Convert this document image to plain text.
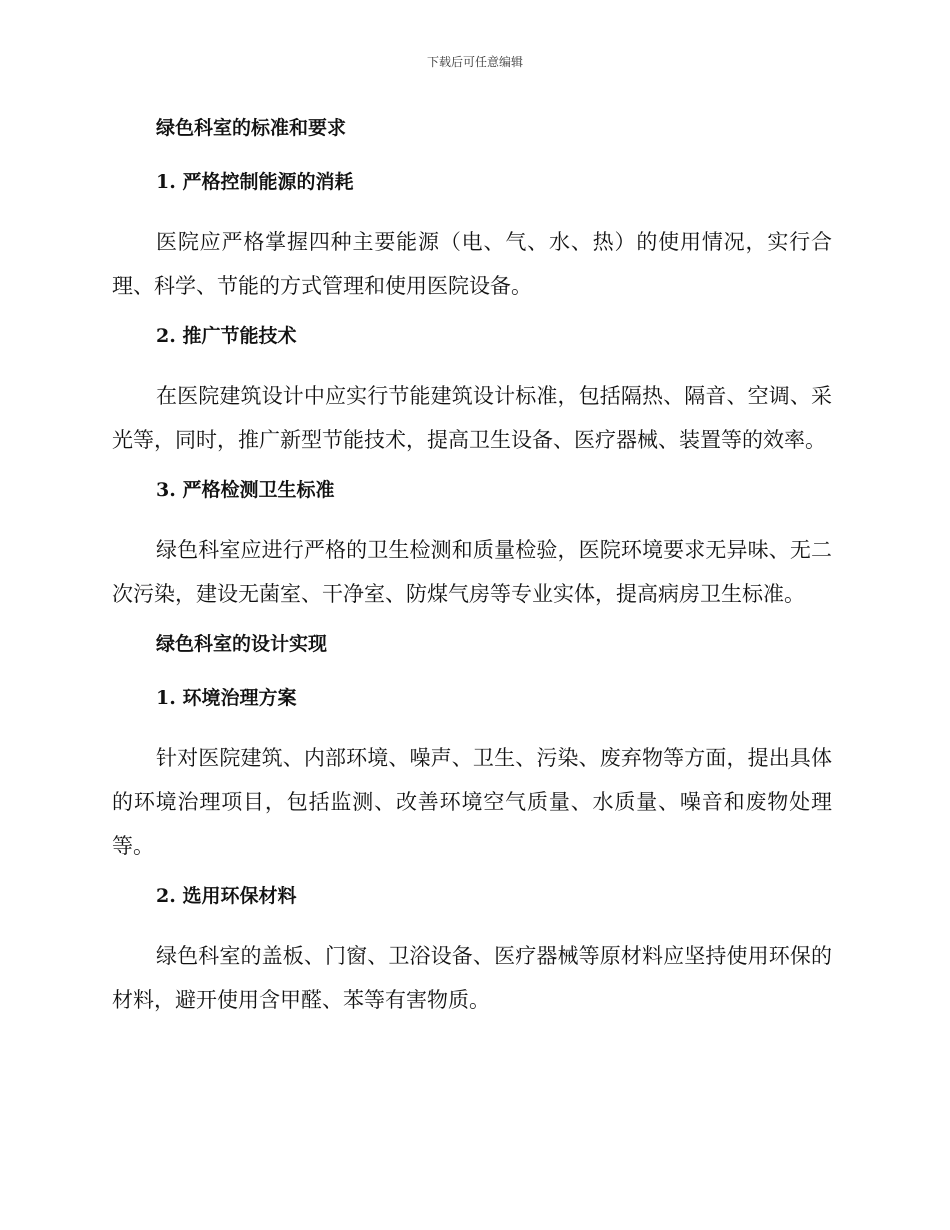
下载后可任意编辑
绿色科室的标准和要求
1. 严格控制能源的消耗
医院应严格掌握四种主要能源（电、气、水、热）的使用情况，实行合理、科学、节能的方式管理和使用医院设备。
2. 推广节能技术
在医院建筑设计中应实行节能建筑设计标准，包括隔热、隔音、空调、采光等，同时，推广新型节能技术，提高卫生设备、医疗器械、装置等的效率。
3. 严格检测卫生标准
绿色科室应进行严格的卫生检测和质量检验，医院环境要求无异味、无二次污染，建设无菌室、干净室、防煤气房等专业实体，提高病房卫生标准。
绿色科室的设计实现
1. 环境治理方案
针对医院建筑、内部环境、噪声、卫生、污染、废弃物等方面，提出具体的环境治理项目，包括监测、改善环境空气质量、水质量、噪音和废物处理等。
2. 选用环保材料
绿色科室的盖板、门窗、卫浴设备、医疗器械等原材料应坚持使用环保的材料，避开使用含甲醛、苯等有害物质。
